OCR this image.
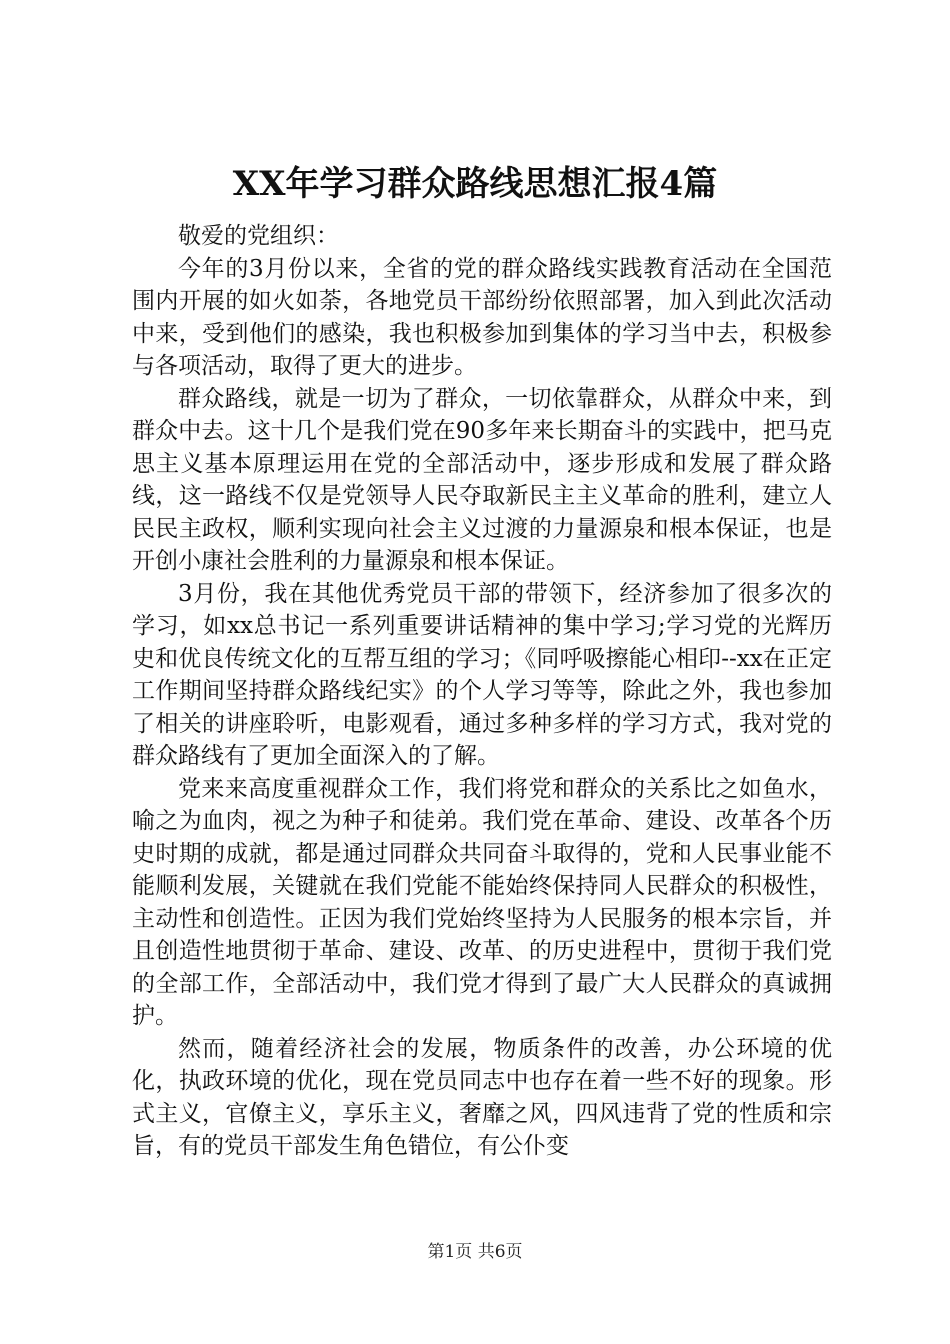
XX年学习群众路线思想汇报4篇

敬爱的党组织：

今年的3月份以来，全省的党的群众路线实践教育活动在全国范围内开展的如火如荼，各地党员干部纷纷依照部署，加入到此次活动中来，受到他们的感染，我也积极参加到集体的学习当中去，积极参与各项活动，取得了更大的进步。

群众路线，就是一切为了群众，一切依靠群众，从群众中来，到群众中去。这十几个是我们党在90多年来长期奋斗的实践中，把马克思主义基本原理运用在党的全部活动中，逐步形成和发展了群众路线，这一路线不仅是党领导人民夺取新民主主义革命的胜利，建立人民民主政权，顺利实现向社会主义过渡的力量源泉和根本保证，也是开创小康社会胜利的力量源泉和根本保证。

3月份，我在其他优秀党员干部的带领下，经济参加了很多次的学习，如xx总书记一系列重要讲话精神的集中学习;学习党的光辉历史和优良传统文化的互帮互组的学习；《同呼吸擦能心相印--xx在正定工作期间坚持群众路线纪实》的个人学习等等，除此之外，我也参加了相关的讲座聆听，电影观看，通过多种多样的学习方式，我对党的群众路线有了更加全面深入的了解。

党来来高度重视群众工作，我们将党和群众的关系比之如鱼水，喻之为血肉，视之为种子和徒弟。我们党在革命、建设、改革各个历史时期的成就，都是通过同群众共同奋斗取得的，党和人民事业能不能顺利发展，关键就在我们党能不能始终保持同人民群众的积极性，主动性和创造性。正因为我们党始终坚持为人民服务的根本宗旨，并且创造性地贯彻于革命、建设、改革、的历史进程中，贯彻于我们党的全部工作，全部活动中，我们党才得到了最广大人民群众的真诚拥护。

然而，随着经济社会的发展，物质条件的改善，办公环境的优化，执政环境的优化，现在党员同志中也存在着一些不好的现象。形式主义，官僚主义，享乐主义，奢靡之风，四风违背了党的性质和宗旨，有的党员干部发生角色错位，有公仆变

第1页 共6页
